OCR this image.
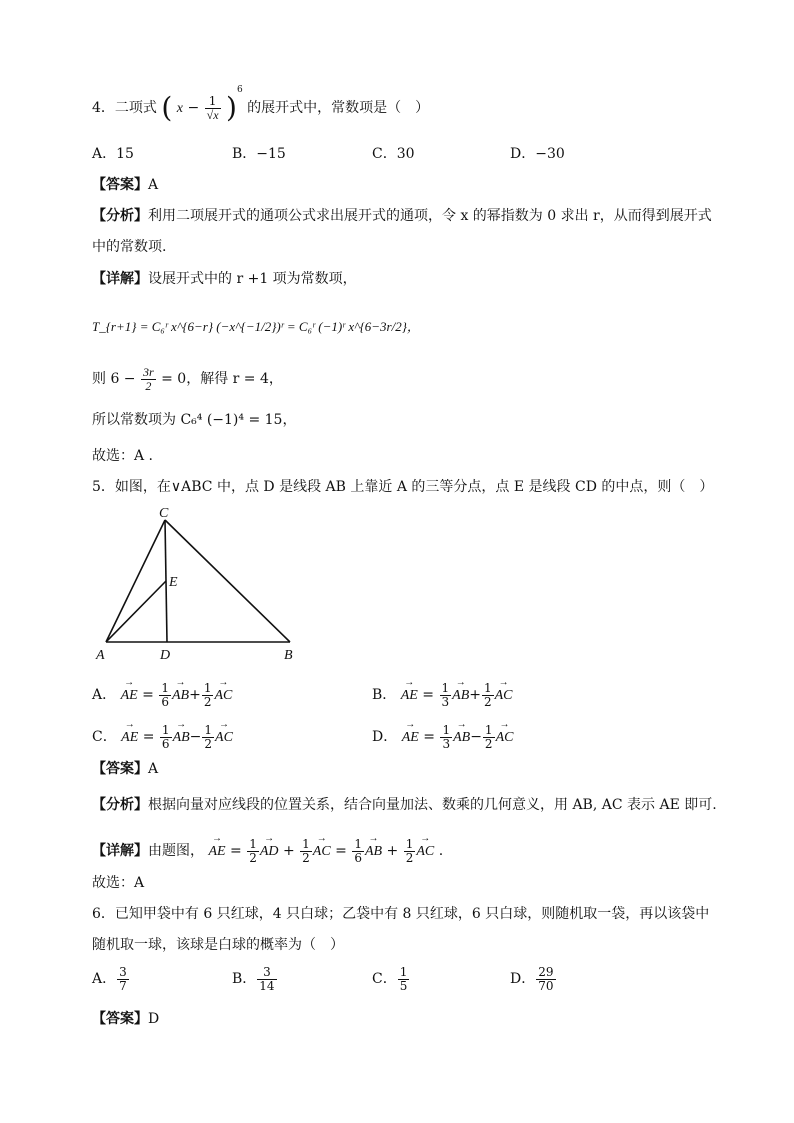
4．二项式 ( $x - \frac{1}{√x} )^6$ 的展开式中，常数项是（　）
A．15	B．−15	C．30	D．−30
【答案】A
【分析】利用二项展开式的通项公式求出展开式的通项，令 x 的幂指数为 0 求出 r，从而得到展开式
中的常数项.
【详解】设展开式中的 r +1 项为常数项，
T_{r+1} = C₆ʳ x^{6−r} (−x^{−1/2})ʳ = C₆ʳ (−1)ʳ x^{6−3r/2}，
则 $6 - \frac{3r}{2} = 0$，解得 r = 4，
所以常数项为 C₆⁴ (−1)⁴ = 15，
故选：A .
5．如图，在∨ABC 中，点 D 是线段 AB 上靠近 A 的三等分点，点 E 是线段 CD 的中点，则（　）
C
E
A	D	B
A． → AE = $\frac{1}{6}$
→ $AB+ \frac{1}{2}$
→ AC	B． → AE = $\frac{1}{3}$
→ $AB+ \frac{1}{2}$
→ AC
C． → AE = $\frac{1}{6}$
→ $AB- \frac{1}{2}$
→ AC	D． → AE = $\frac{1}{3}$
→ $AB- \frac{1}{2}$
→ AC
【答案】A
【分析】根据向量对应线段的位置关系，结合向量加法、数乘的几何意义，用 AB, AC 表示 AE 即可.
【详解】由题图， → AE = $\frac{1}{2}$
→ AD + $\frac{1}{2}$
→ AC = $\frac{1}{6}$
→ AB + $\frac{1}{2}$
→ AC .
故选：A
6．已知甲袋中有 6 只红球，4 只白球；乙袋中有 8 只红球，6 只白球，则随机取一袋，再以该袋中
随机取一球，该球是白球的概率为（　）
A． $\frac{3}{7}$	B． $\frac{3}{14}$	C． $\frac{1}{5}$	D． $\frac{29}{70}$
【答案】D
